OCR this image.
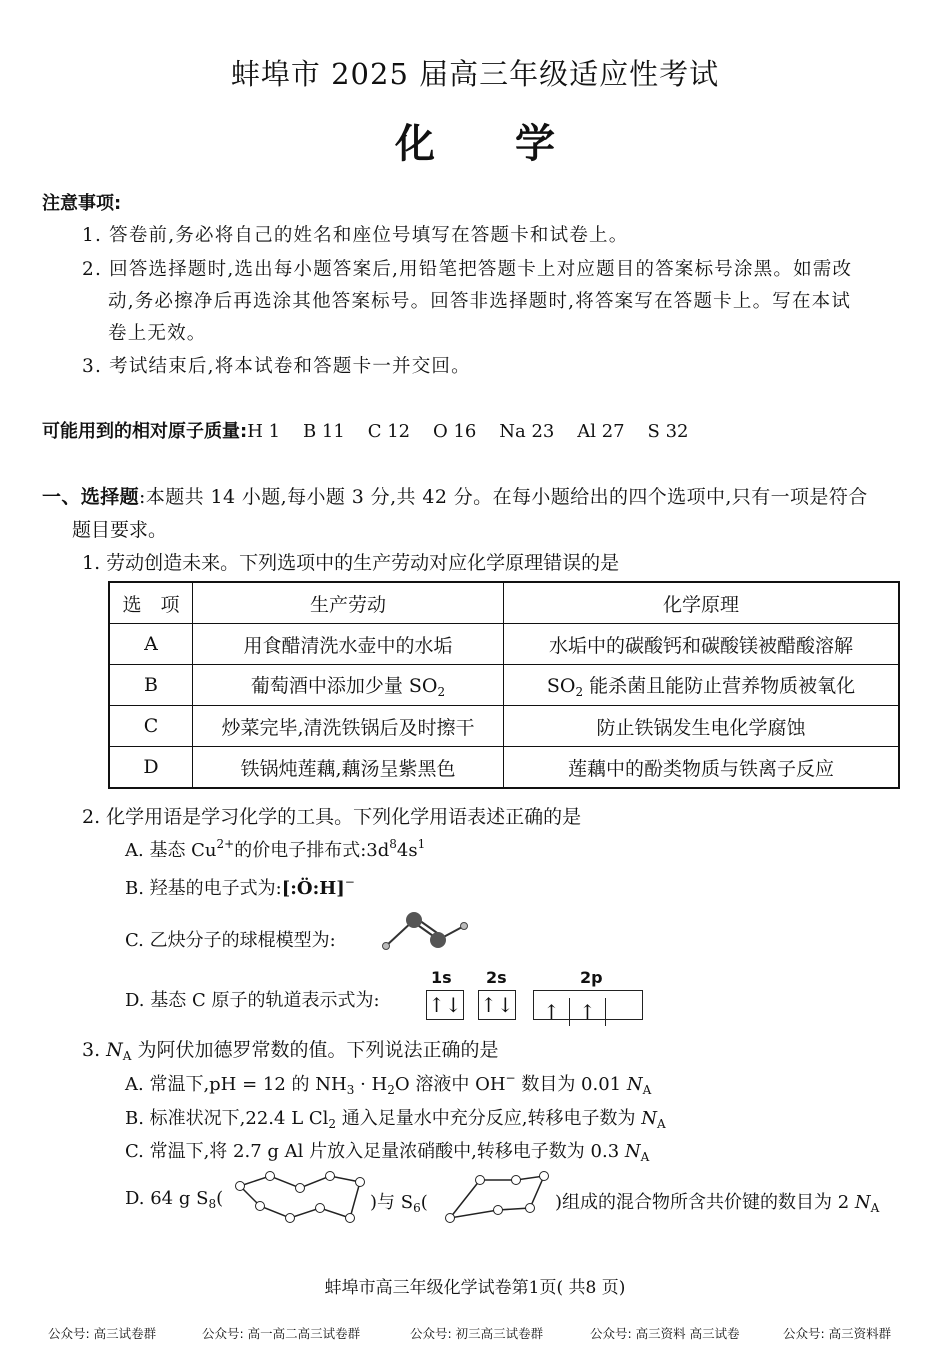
蚌埠市 2025 届高三年级适应性考试
化学
注意事项:
1. 答卷前,务必将自己的姓名和座位号填写在答题卡和试卷上。
2. 回答选择题时,选出每小题答案后,用铅笔把答题卡上对应题目的答案标号涂黑。如需改
动,务必擦净后再选涂其他答案标号。回答非选择题时,将答案写在答题卡上。写在本试
卷上无效。
3. 考试结束后,将本试卷和答题卡一并交回。
可能用到的相对原子质量:H 1    B 11    C 12    O 16    Na 23    Al 27    S 32
一、选择题:本题共 14 小题,每小题 3 分,共 42 分。在每小题给出的四个选项中,只有一项是符合
题目要求。
1. 劳动创造未来。下列选项中的生产劳动对应化学原理错误的是
选　项	生产劳动	化学原理
A	用食醋清洗水壶中的水垢	水垢中的碳酸钙和碳酸镁被醋酸溶解
B	葡萄酒中添加少量 $SO_2$	$SO_2$ 能杀菌且能防止营养物质被氧化
C	炒菜完毕,清洗铁锅后及时擦干	防止铁锅发生电化学腐蚀
D	铁锅炖莲藕,藕汤呈紫黑色	莲藕中的酚类物质与铁离子反应
2. 化学用语是学习化学的工具。下列化学用语表述正确的是
A. 基态 $Cu^{2+}$的价电子排布式$:3d^84s^1$
B. 羟基的电子式为:[:Ö:H]−
C. 乙炔分子的球棍模型为:
D. 基态 C 原子的轨道表示式为:
1s 2s	2p
↑↓ ↑↓	↑ ↑
3. $N_A$ 为阿伏加德罗常数的值。下列说法正确的是
A. 常温下,pH = 12 的 $NH_3 \cdot H_2O$ 溶液中 OH− 数目为 0.01 $N_A$
B. 标准状况下,22.4 L $Cl_2$ 通入足量水中充分反应,转移电子数为 $N_A$
C. 常温下,将 2.7 g Al 片放入足量浓硝酸中,转移电子数为 0.3 $N_A$
D. 64 g $S_8$(	)与 $S_6$(	)组成的混合物所含共价键的数目为 2 $N_A$
蚌埠市高三年级化学试卷第1页( 共8 页)
公众号: 高三试卷群	公众号: 高一高二高三试卷群	公众号: 初三高三试卷群	公众号: 高三资料 高三试卷	公众号: 高三资料群
